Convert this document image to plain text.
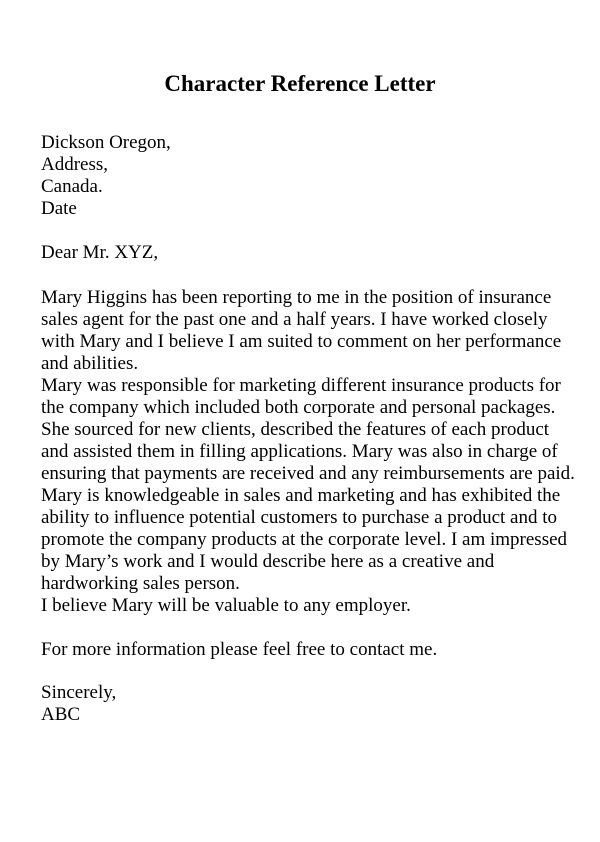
Character Reference Letter
Dickson Oregon,
Address,
Canada.
Date
Dear Mr. XYZ,
Mary Higgins has been reporting to me in the position of insurance
sales agent for the past one and a half years. I have worked closely
with Mary and I believe I am suited to comment on her performance
and abilities.
Mary was responsible for marketing different insurance products for
the company which included both corporate and personal packages.
She sourced for new clients, described the features of each product
and assisted them in filling applications. Mary was also in charge of
ensuring that payments are received and any reimbursements are paid.
Mary is knowledgeable in sales and marketing and has exhibited the
ability to influence potential customers to purchase a product and to
promote the company products at the corporate level. I am impressed
by Mary’s work and I would describe here as a creative and
hardworking sales person.
I believe Mary will be valuable to any employer.
For more information please feel free to contact me.
Sincerely,
ABC
